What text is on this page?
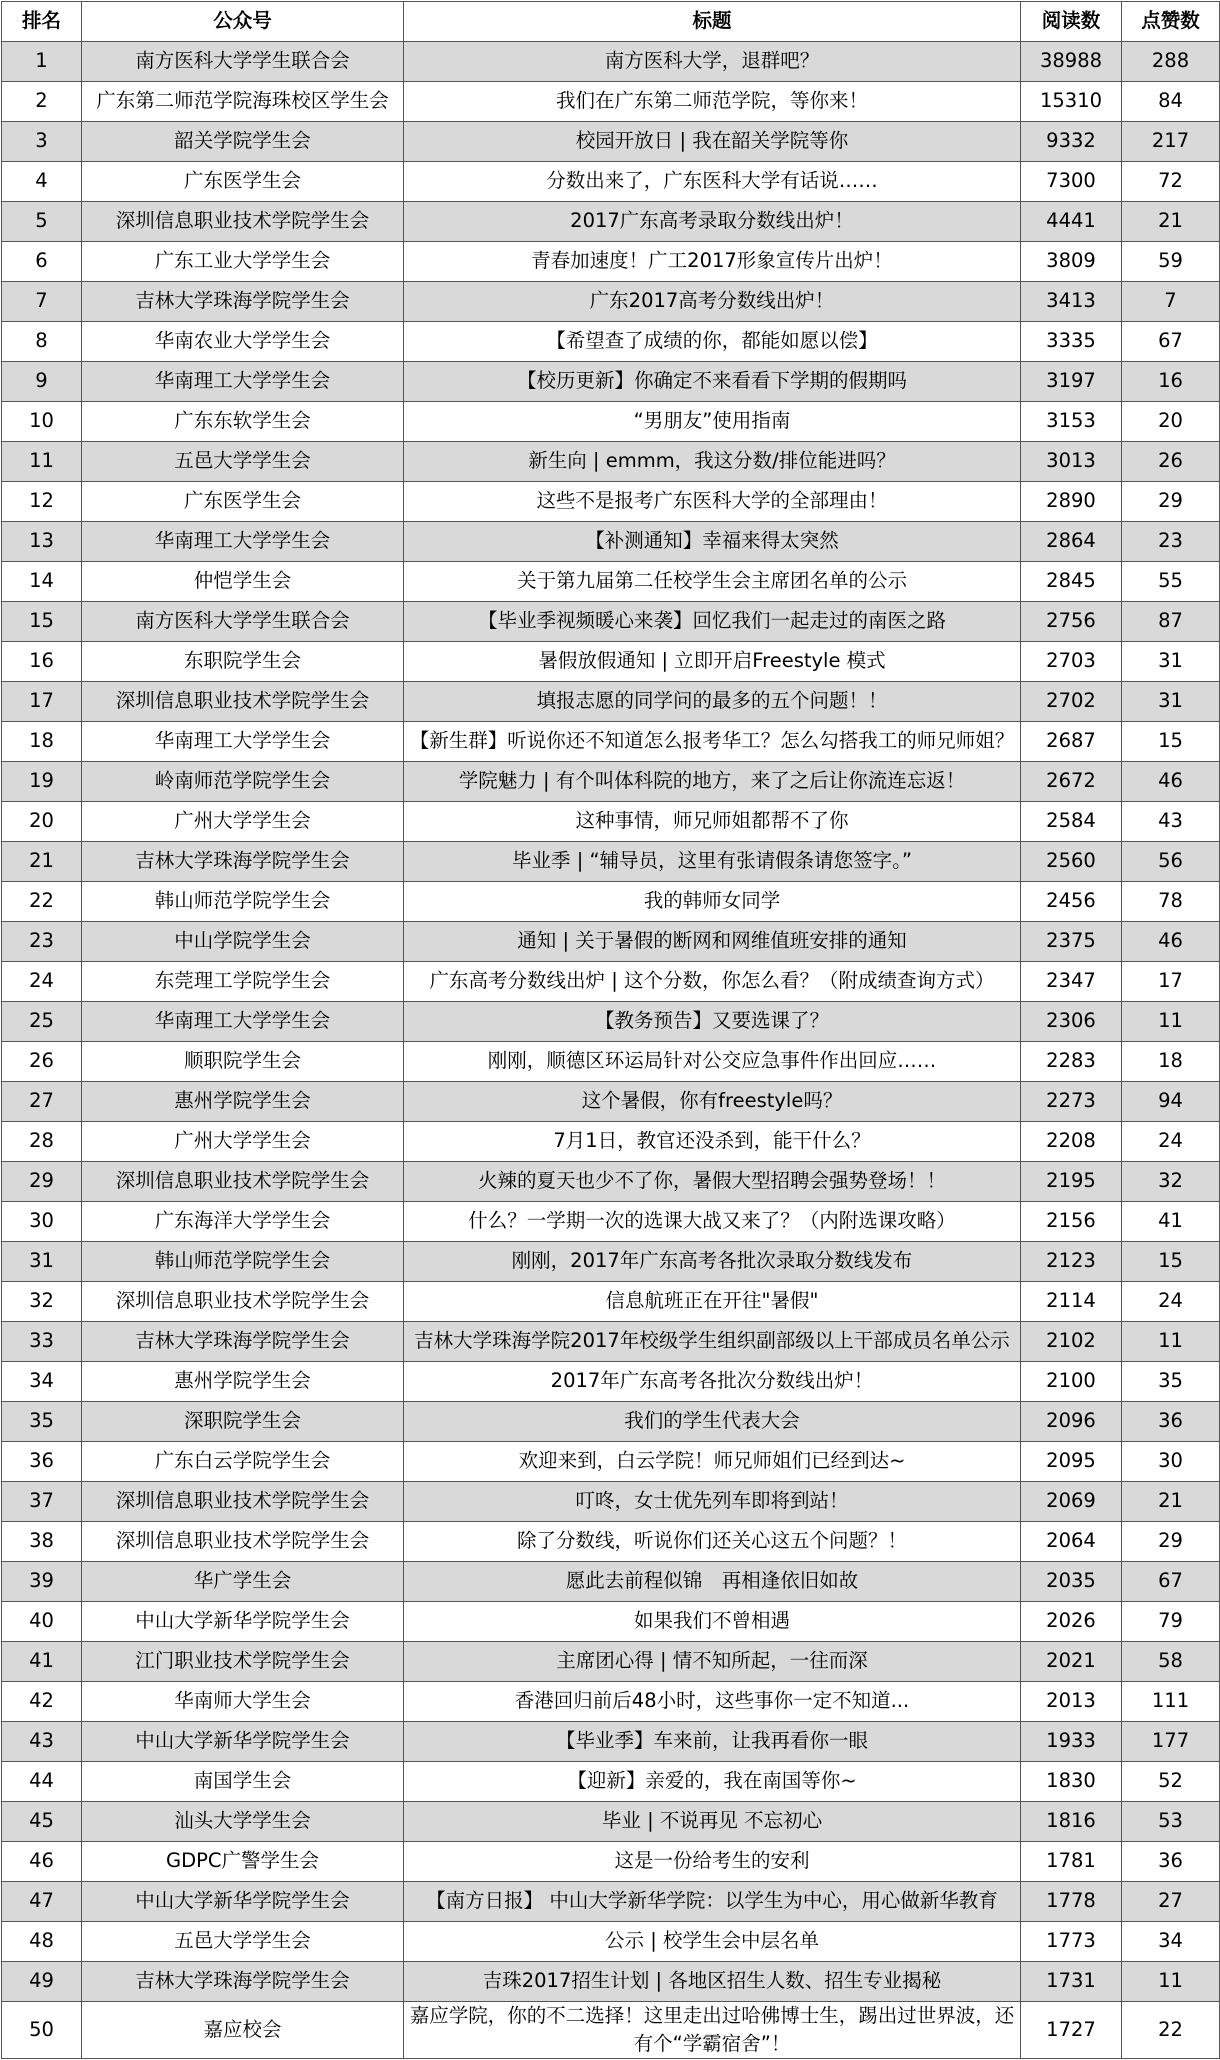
排名	公众号	标题	阅读数	点赞数
1	南方医科大学学生联合会	南方医科大学，退群吧？	38988	288
2	广东第二师范学院海珠校区学生会	我们在广东第二师范学院，等你来！	15310	84
3	韶关学院学生会	校园开放日 | 我在韶关学院等你	9332	217
4	广东医学生会	分数出来了，广东医科大学有话说……	7300	72
5	深圳信息职业技术学院学生会	2017广东高考录取分数线出炉！	4441	21
6	广东工业大学学生会	青春加速度！广工2017形象宣传片出炉！	3809	59
7	吉林大学珠海学院学生会	广东2017高考分数线出炉！	3413	7
8	华南农业大学学生会	【希望查了成绩的你，都能如愿以偿】	3335	67
9	华南理工大学学生会	【校历更新】你确定不来看看下学期的假期吗	3197	16
10	广东东软学生会	“男朋友”使用指南	3153	20
11	五邑大学学生会	新生向 | emmm，我这分数/排位能进吗？	3013	26
12	广东医学生会	这些不是报考广东医科大学的全部理由！	2890	29
13	华南理工大学学生会	【补测通知】幸福来得太突然	2864	23
14	仲恺学生会	关于第九届第二任校学生会主席团名单的公示	2845	55
15	南方医科大学学生联合会	【毕业季视频暖心来袭】回忆我们一起走过的南医之路	2756	87
16	东职院学生会	暑假放假通知 | 立即开启Freestyle 模式	2703	31
17	深圳信息职业技术学院学生会	填报志愿的同学问的最多的五个问题！！	2702	31
18	华南理工大学学生会	【新生群】听说你还不知道怎么报考华工？怎么勾搭我工的师兄师姐？	2687	15
19	岭南师范学院学生会	学院魅力 | 有个叫体科院的地方，来了之后让你流连忘返！	2672	46
20	广州大学学生会	这种事情，师兄师姐都帮不了你	2584	43
21	吉林大学珠海学院学生会	毕业季 | “辅导员，这里有张请假条请您签字。”	2560	56
22	韩山师范学院学生会	我的韩师女同学	2456	78
23	中山学院学生会	通知 | 关于暑假的断网和网维值班安排的通知	2375	46
24	东莞理工学院学生会	广东高考分数线出炉 | 这个分数，你怎么看？（附成绩查询方式）	2347	17
25	华南理工大学学生会	【教务预告】又要选课了？	2306	11
26	顺职院学生会	刚刚，顺德区环运局针对公交应急事件作出回应……	2283	18
27	惠州学院学生会	这个暑假，你有freestyle吗？	2273	94
28	广州大学学生会	7月1日，教官还没杀到，能干什么？	2208	24
29	深圳信息职业技术学院学生会	火辣的夏天也少不了你，暑假大型招聘会强势登场！！	2195	32
30	广东海洋大学学生会	什么？一学期一次的选课大战又来了？（内附选课攻略）	2156	41
31	韩山师范学院学生会	刚刚，2017年广东高考各批次录取分数线发布	2123	15
32	深圳信息职业技术学院学生会	信息航班正在开往"暑假"	2114	24
33	吉林大学珠海学院学生会	吉林大学珠海学院2017年校级学生组织副部级以上干部成员名单公示	2102	11
34	惠州学院学生会	2017年广东高考各批次分数线出炉！	2100	35
35	深职院学生会	我们的学生代表大会	2096	36
36	广东白云学院学生会	欢迎来到，白云学院！师兄师姐们已经到达~	2095	30
37	深圳信息职业技术学院学生会	叮咚，女士优先列车即将到站！	2069	21
38	深圳信息职业技术学院学生会	除了分数线，听说你们还关心这五个问题？！	2064	29
39	华广学生会	愿此去前程似锦　再相逢依旧如故	2035	67
40	中山大学新华学院学生会	如果我们不曾相遇	2026	79
41	江门职业技术学院学生会	主席团心得 | 情不知所起，一往而深	2021	58
42	华南师大学生会	香港回归前后48小时，这些事你一定不知道...	2013	111
43	中山大学新华学院学生会	【毕业季】车来前，让我再看你一眼	1933	177
44	南国学生会	【迎新】亲爱的，我在南国等你~	1830	52
45	汕头大学学生会	毕业 | 不说再见 不忘初心	1816	53
46	GDPC广警学生会	这是一份给考生的安利	1781	36
47	中山大学新华学院学生会	【南方日报】 中山大学新华学院：以学生为中心，用心做新华教育	1778	27
48	五邑大学学生会	公示 | 校学生会中层名单	1773	34
49	吉林大学珠海学院学生会	吉珠2017招生计划 | 各地区招生人数、招生专业揭秘	1731	11
50	嘉应校会	嘉应学院，你的不二选择！这里走出过哈佛博士生，踢出过世界波，还有个“学霸宿舍”！	1727	22
